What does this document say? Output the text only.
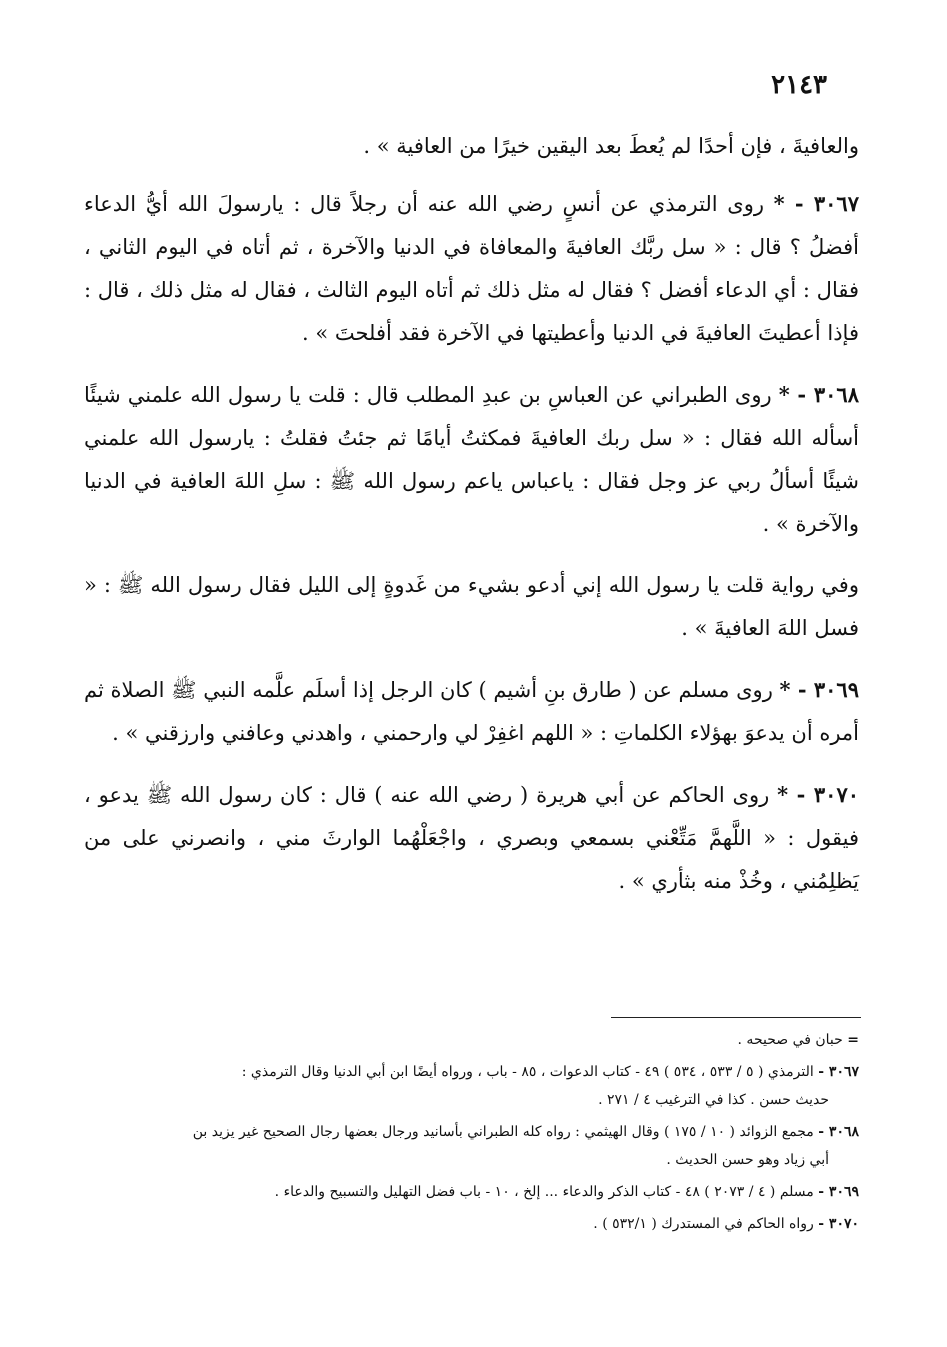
٢١٤٣

والعافيةَ ، فإن أحدًا لم يُعطَ بعد اليقين خيرًا من العافية » .

٣٠٦٧ - * روى الترمذي عن أنسٍ رضي الله عنه أن رجلاً قال : يارسولَ الله أيُّ الدعاء أفضلُ ؟ قال : « سل ربَّك العافيةَ والمعافاة في الدنيا والآخرة ، ثم أتاه في اليوم الثاني ، فقال : أي الدعاء أفضل ؟ فقال له مثل ذلك ثم أتاه اليوم الثالث ، فقال له مثل ذلك ، قال : فإذا أعطيتَ العافيةَ في الدنيا وأعطيتها في الآخرة فقد أفلحتَ » .

٣٠٦٨ - * روى الطبراني عن العباسِ بن عبدِ المطلب قال : قلت يا رسول الله علمني شيئًا أسأله الله فقال : « سل ربك العافيةَ فمكثتُ أيامًا ثم جئتُ فقلتُ : يارسول الله علمني شيئًا أسألُ ربي عز وجل فقال : ياعباس ياعم رسول الله ﷺ : سلِ اللهَ العافية في الدنيا والآخرة » .

وفي رواية قلت يا رسول الله إني أدعو بشيء من غَدوةٍ إلى الليل فقال رسول الله ﷺ : « فسل اللهَ العافيةَ » .

٣٠٦٩ - * روى مسلم عن ( طارق بنِ أشيم ) كان الرجل إذا أسلَم علَّمه النبي ﷺ الصلاة ثم أمره أن يدعوَ بهؤلاء الكلماتِ : « اللهم اغفِرْ لي وارحمني ، واهدني وعافني وارزقني » .

٣٠٧٠ - * روى الحاكم عن أبي هريرة ( رضي الله عنه ) قال : كان رسول الله ﷺ يدعو ، فيقول : « اللَّهمَّ مَتِّعْني بسمعي وبصري ، واجْعَلْهُما الوارثَ مني ، وانصرني على من يَظلِمُني ، وخُذْ منه بثأري » .

= حبان في صحيحه .

٣٠٦٧ - الترمذي ( ٥ / ٥٣٣ ، ٥٣٤ ) ٤٩ - كتاب الدعوات ، ٨٥ - باب ، ورواه أيضًا ابن أبي الدنيا وقال الترمذي :
حديث حسن . كذا في الترغيب ٤ / ٢٧١ .

٣٠٦٨ - مجمع الزوائد ( ١٠ / ١٧٥ ) وقال الهيثمي : رواه كله الطبراني بأسانيد ورجال بعضها رجال الصحيح غير يزيد بن
أبي زياد وهو حسن الحديث .

٣٠٦٩ - مسلم ( ٤ / ٢٠٧٣ ) ٤٨ - كتاب الذكر والدعاء ... إلخ ، ١٠ - باب فضل التهليل والتسبيح والدعاء .

٣٠٧٠ - رواه الحاكم في المستدرك ( ٥٣٢/١ ) .
